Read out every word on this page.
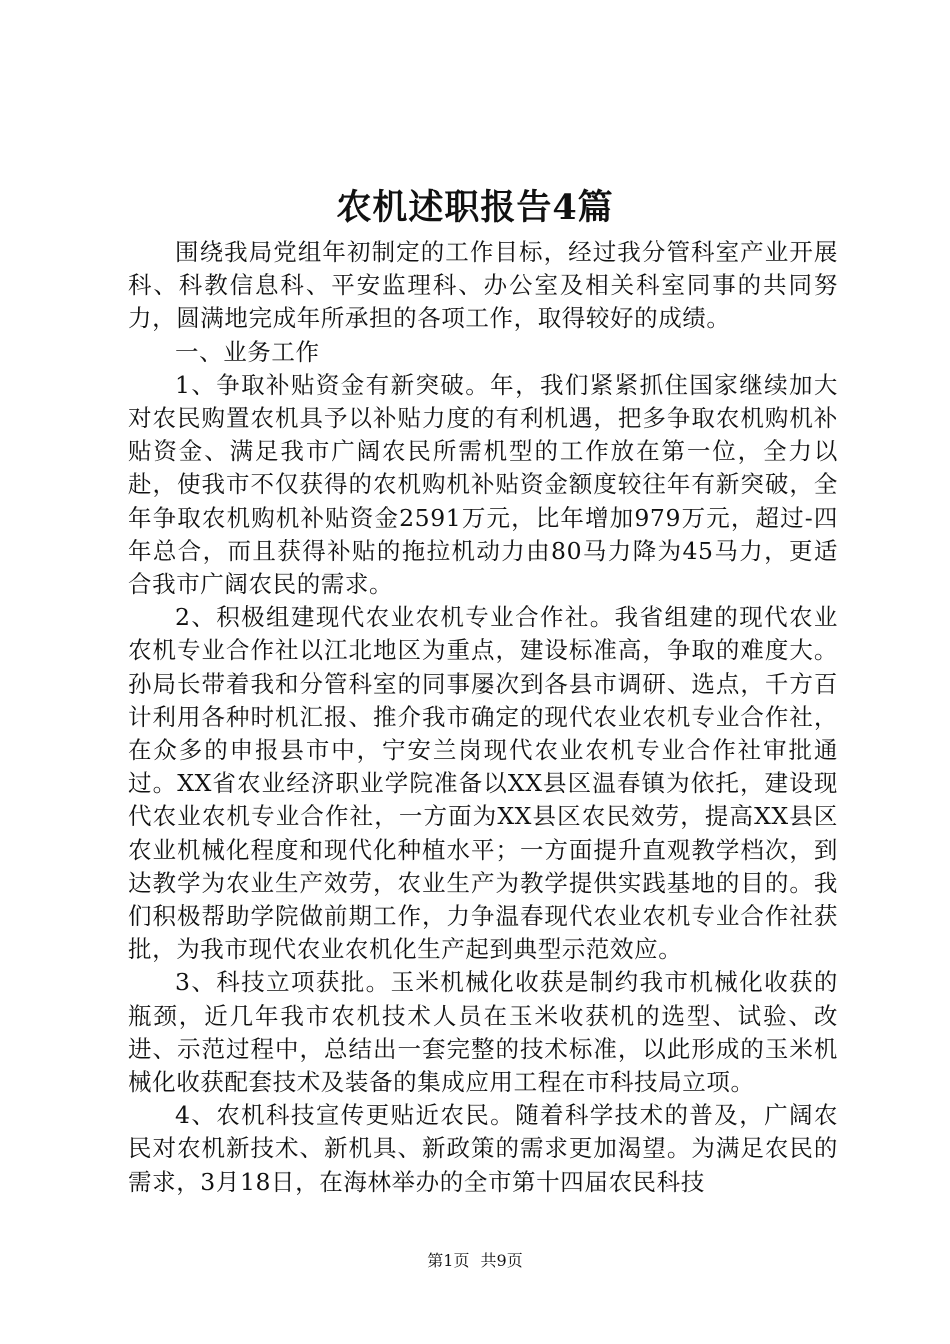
农机述职报告4篇

围绕我局党组年初制定的工作目标，经过我分管科室产业开展科、科教信息科、平安监理科、办公室及相关科室同事的共同努力，圆满地完成年所承担的各项工作，取得较好的成绩。

一、业务工作

1、争取补贴资金有新突破。年，我们紧紧抓住国家继续加大对农民购置农机具予以补贴力度的有利机遇，把多争取农机购机补贴资金、满足我市广阔农民所需机型的工作放在第一位，全力以赴，使我市不仅获得的农机购机补贴资金额度较往年有新突破，全年争取农机购机补贴资金2591万元，比年增加979万元，超过-四年总合，而且获得补贴的拖拉机动力由80马力降为45马力，更适合我市广阔农民的需求。

2、积极组建现代农业农机专业合作社。我省组建的现代农业农机专业合作社以江北地区为重点，建设标准高，争取的难度大。孙局长带着我和分管科室的同事屡次到各县市调研、选点，千方百计利用各种时机汇报、推介我市确定的现代农业农机专业合作社，在众多的申报县市中，宁安兰岗现代农业农机专业合作社审批通过。XX省农业经济职业学院准备以XX县区温春镇为依托，建设现代农业农机专业合作社，一方面为XX县区农民效劳，提高XX县区农业机械化程度和现代化种植水平；一方面提升直观教学档次，到达教学为农业生产效劳，农业生产为教学提供实践基地的目的。我们积极帮助学院做前期工作，力争温春现代农业农机专业合作社获批，为我市现代农业农机化生产起到典型示范效应。

3、科技立项获批。玉米机械化收获是制约我市机械化收获的瓶颈，近几年我市农机技术人员在玉米收获机的选型、试验、改进、示范过程中，总结出一套完整的技术标准，以此形成的玉米机械化收获配套技术及装备的集成应用工程在市科技局立项。

4、农机科技宣传更贴近农民。随着科学技术的普及，广阔农民对农机新技术、新机具、新政策的需求更加渴望。为满足农民的需求，3月18日，在海林举办的全市第十四届农民科技

第1页 共9页
